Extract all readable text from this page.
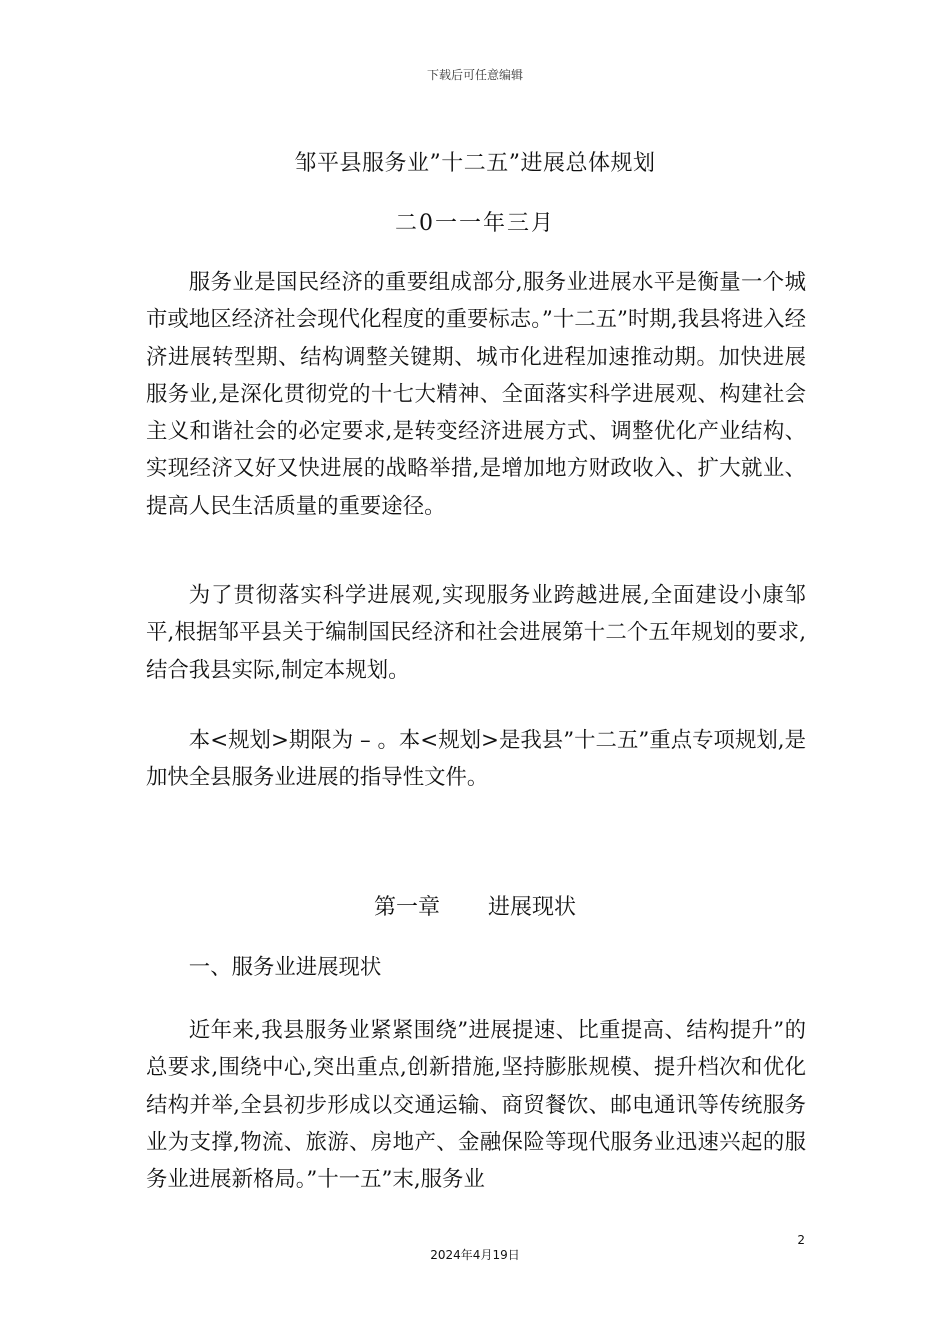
下载后可任意编辑
邹平县服务业”十二五”进展总体规划
二0一一年三月

服务业是国民经济的重要组成部分,服务业进展水平是衡量一个城市或地区经济社会现代化程度的重要标志。”十二五”时期,我县将进入经济进展转型期、结构调整关键期、城市化进程加速推动期。加快进展服务业,是深化贯彻党的十七大精神、全面落实科学进展观、构建社会主义和谐社会的必定要求,是转变经济进展方式、调整优化产业结构、实现经济又好又快进展的战略举措,是增加地方财政收入、扩大就业、提高人民生活质量的重要途径。

为了贯彻落实科学进展观,实现服务业跨越进展,全面建设小康邹平,根据邹平县关于编制国民经济和社会进展第十二个五年规划的要求,结合我县实际,制定本规划。

本<规划>期限为 – 。本<规划>是我县”十二五”重点专项规划,是加快全县服务业进展的指导性文件。

第一章 进展现状

一、服务业进展现状

近年来,我县服务业紧紧围绕”进展提速、比重提高、结构提升”的总要求,围绕中心,突出重点,创新措施,坚持膨胀规模、提升档次和优化结构并举,全县初步形成以交通运输、商贸餐饮、邮电通讯等传统服务业为支撑,物流、旅游、房地产、金融保险等现代服务业迅速兴起的服务业进展新格局。”十一五”末,服务业

2
2024年4月19日
